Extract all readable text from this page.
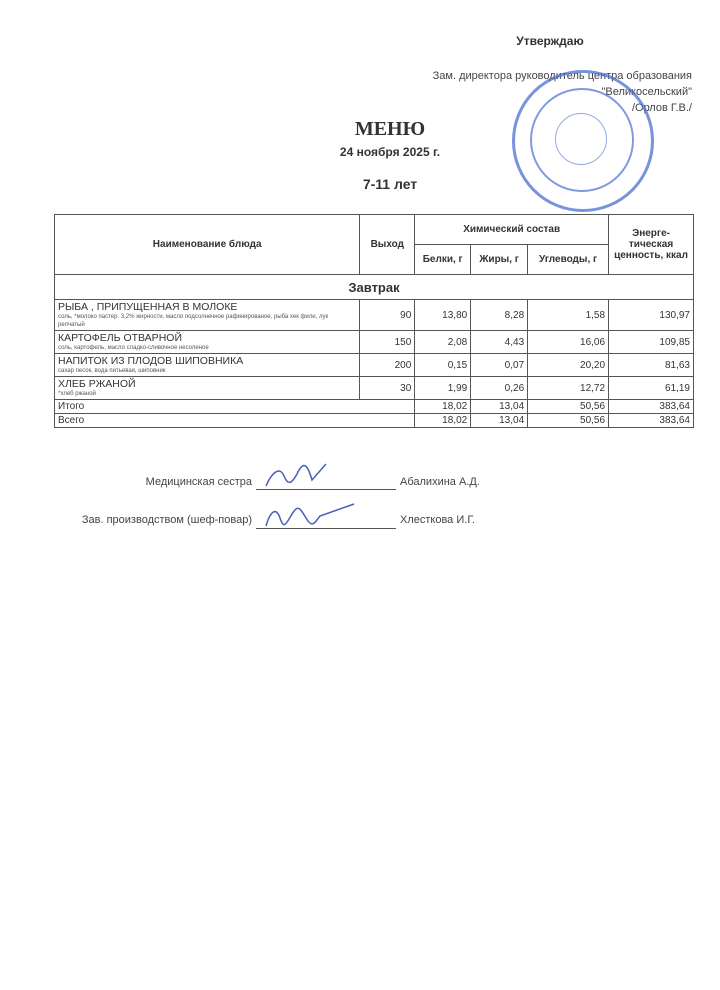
Утверждаю
Зам. директора руководитель центра образования
"Великосельский"
/Орлов Г.В./
МЕНЮ
24 ноября 2025 г.
7-11 лет
Наименование блюда	Выход	Химический состав			Энерге-тическая ценность, ккал
		Белки, г	Жиры, г	Углеводы, г	
Завтрак					

РЫБА , ПРИПУЩЕННАЯ В МОЛОКЕ
соль, *молоко пастер. 3,2% жирности, масло подсолнечное рафинированое, рыба хек филе, лук репчатый	90	13,80	8,28	1,58	130,97

КАРТОФЕЛЬ ОТВАРНОЙ
соль, картофель, масло сладко-сливочное несоленое	150	2,08	4,43	16,06	109,85

НАПИТОК ИЗ ПЛОДОВ ШИПОВНИКА
сахар песок, вода питьевая, шиповник	200	0,15	0,07	20,20	81,63

ХЛЕБ РЖАНОЙ
*хлеб ржаной	30	1,99	0,26	12,72	61,19
Итого		18,02	13,04	50,56	383,64
Всего		18,02	13,04	50,56	383,64
Медицинская сестра	Абалихина А.Д.
Зав. производством (шеф-повар)	Хлесткова И.Г.
